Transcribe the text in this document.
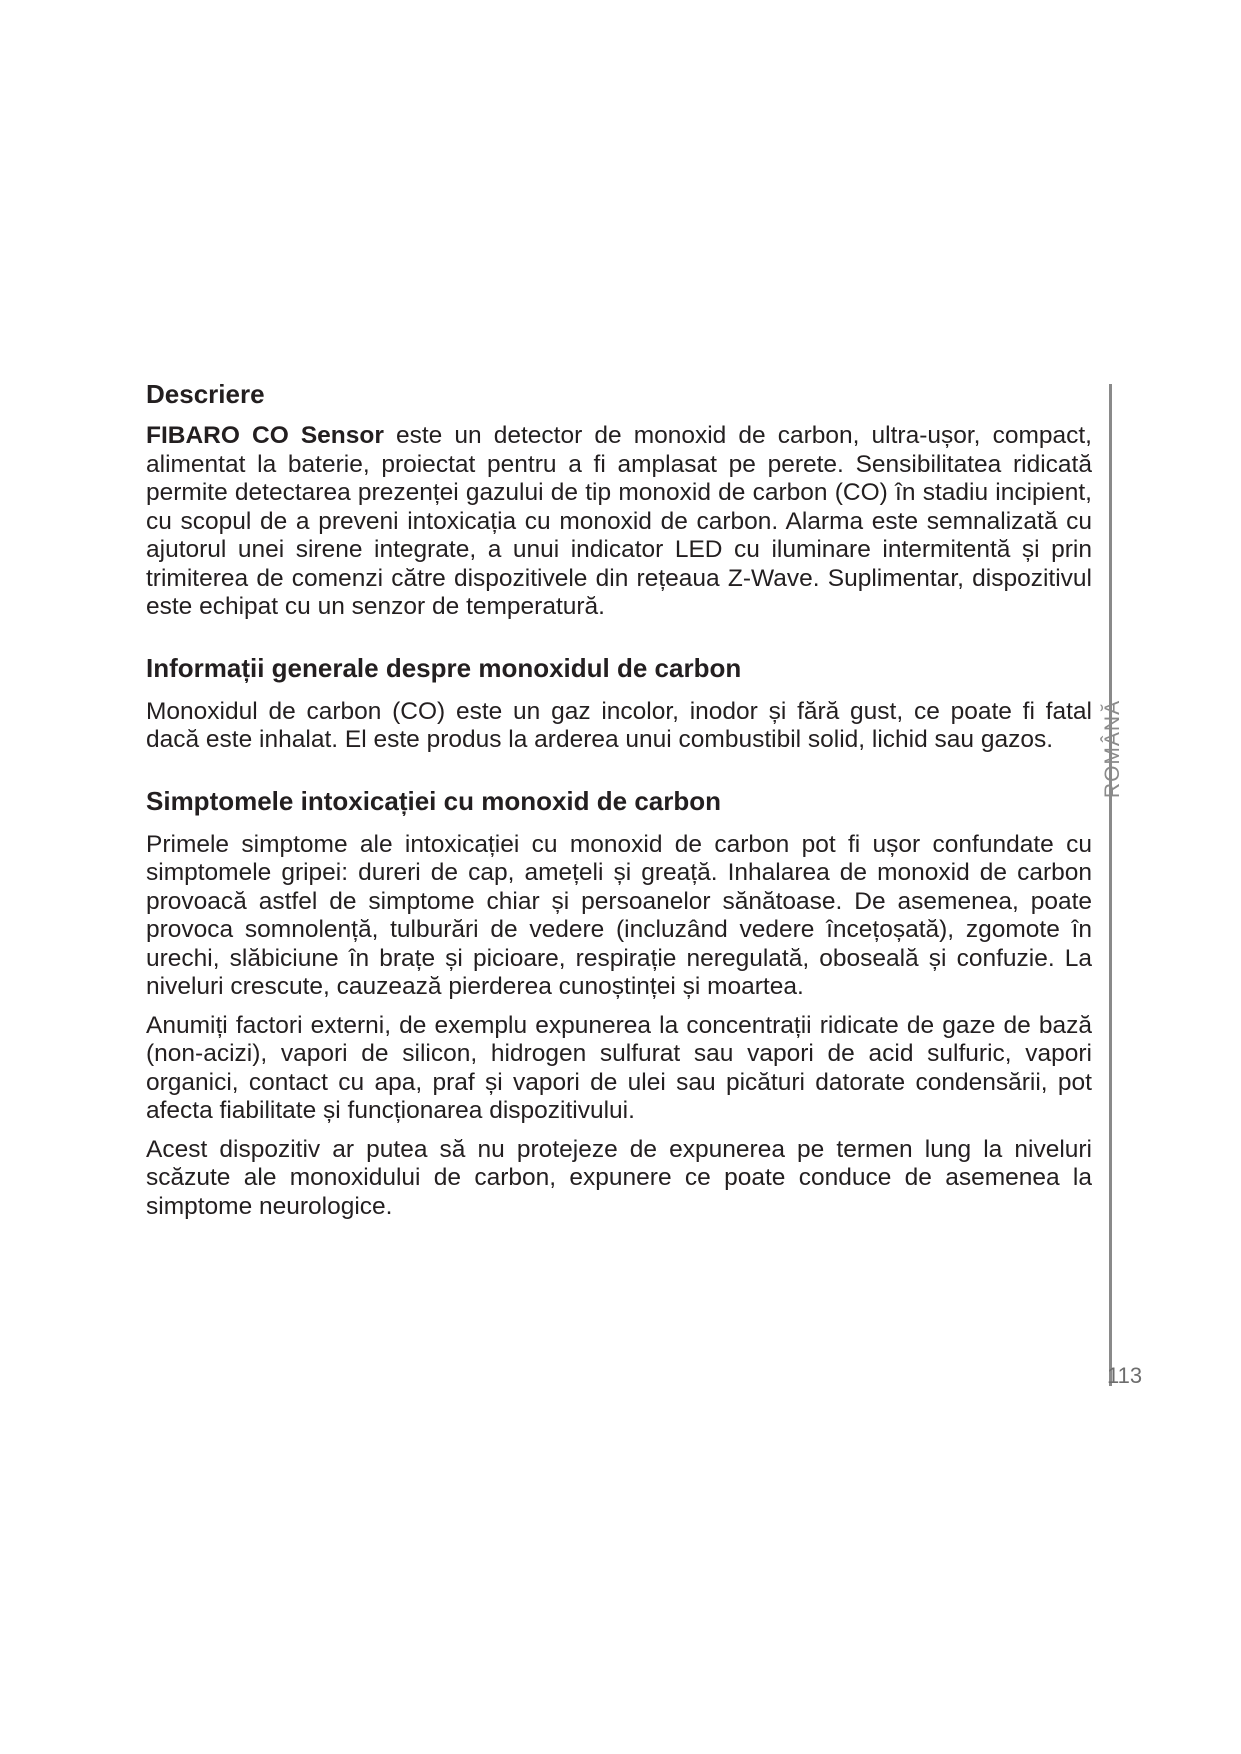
Descriere

FIBARO CO Sensor este un detector de monoxid de carbon, ultra-ușor, compact, alimentat la baterie, proiectat pentru a fi amplasat pe perete. Sensibilitatea ridicată permite detectarea prezenței gazului de tip monoxid de carbon (CO) în stadiu incipient, cu scopul de a preveni intoxicația cu monoxid de carbon. Alarma este semnalizată cu ajutorul unei sirene integrate, a unui indicator LED cu iluminare intermitentă și prin trimiterea de comenzi către dispozitivele din rețeaua Z-Wave. Suplimentar, dispozitivul este echipat cu un senzor de temperatură.

Informații generale despre monoxidul de carbon

Monoxidul de carbon (CO) este un gaz incolor, inodor și fără gust, ce poate fi fatal dacă este inhalat. El este produs la arderea unui combustibil solid, lichid sau gazos.

Simptomele intoxicației cu monoxid de carbon

Primele simptome ale intoxicației cu monoxid de carbon pot fi ușor confundate cu simptomele gripei: dureri de cap, amețeli și greață. Inhalarea de monoxid de carbon provoacă astfel de simptome chiar și persoanelor sănătoase. De asemenea, poate provoca somnolență, tulburări de vedere (incluzând vedere încețoșată), zgomote în urechi, slăbiciune în brațe și picioare, respirație neregulată, oboseală și confuzie. La niveluri crescute, cauzează pierderea cunoștinței și moartea.

Anumiți factori externi, de exemplu expunerea la concentrații ridicate de gaze de bază (non-acizi), vapori de silicon, hidrogen sulfurat sau vapori de acid sulfuric, vapori organici, contact cu apa, praf și vapori de ulei sau picături datorate condensării, pot afecta fiabilitate și funcționarea dispozitivului.

Acest dispozitiv ar putea să nu protejeze de expunerea pe termen lung la niveluri scăzute ale monoxidului de carbon, expunere ce poate conduce de asemenea la simptome neurologice.

ROMÂNĂ
113
